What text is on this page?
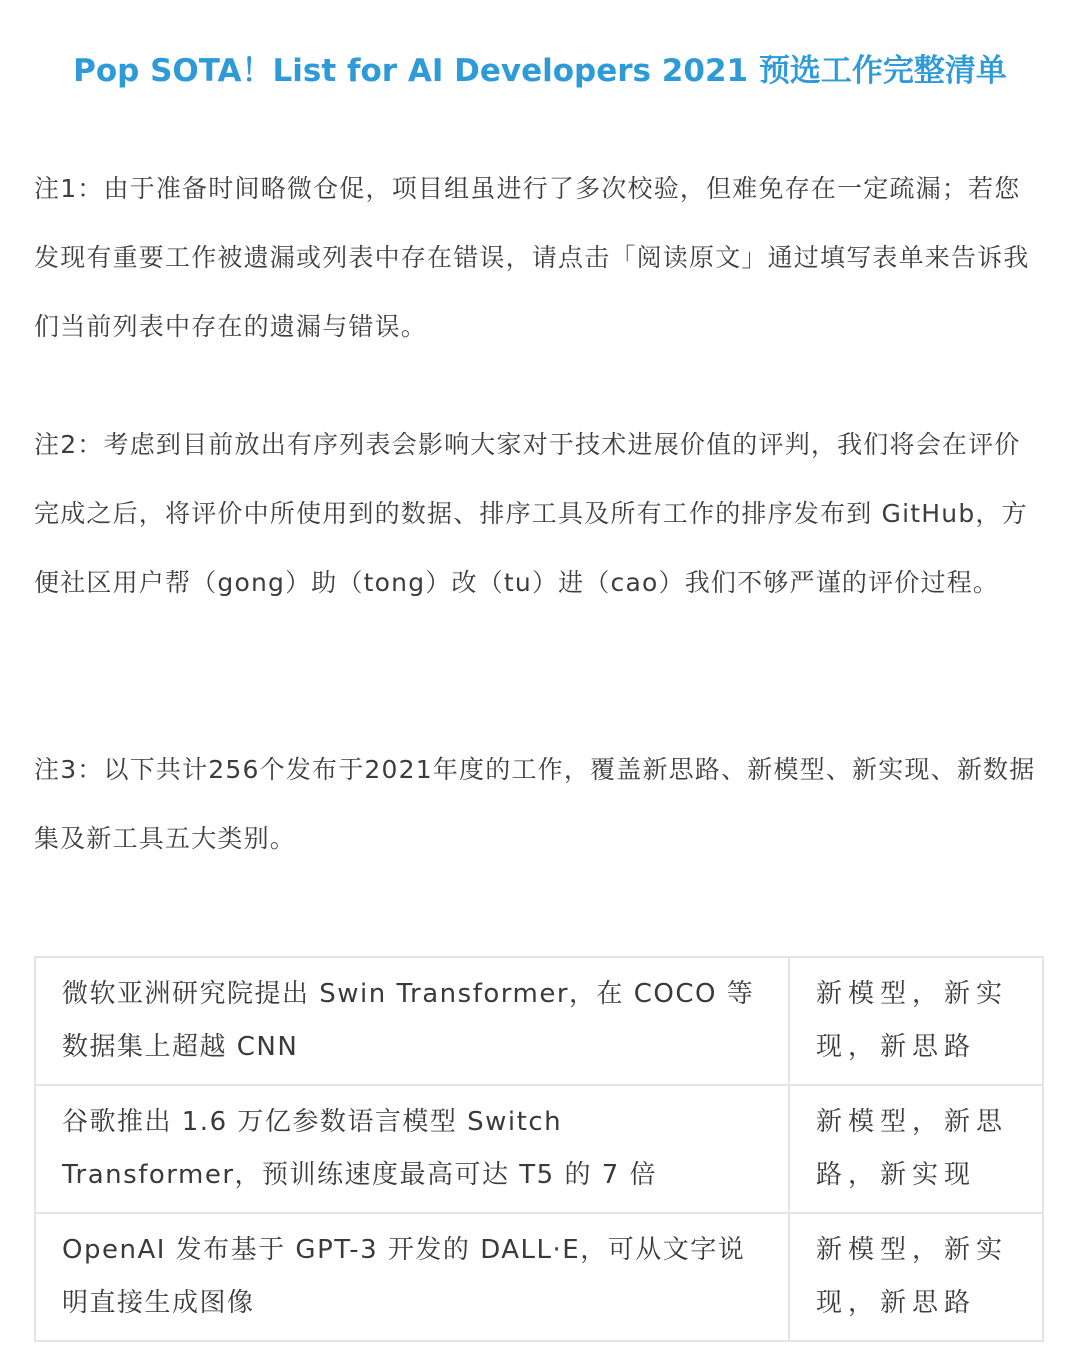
Pop SOTA！List for AI Developers 2021 预选工作完整清单
注1：由于准备时间略微仓促，项目组虽进行了多次校验，但难免存在一定疏漏；若您发现有重要工作被遗漏或列表中存在错误，请点击「阅读原文」通过填写表单来告诉我们当前列表中存在的遗漏与错误。
注2：考虑到目前放出有序列表会影响大家对于技术进展价值的评判，我们将会在评价完成之后，将评价中所使用到的数据、排序工具及所有工作的排序发布到 GitHub，方便社区用户帮（gong）助（tong）改（tu）进（cao）我们不够严谨的评价过程。
注3：以下共计256个发布于2021年度的工作，覆盖新思路、新模型、新实现、新数据集及新工具五大类别。
微软亚洲研究院提出 Swin Transformer，在 COCO 等数据集上超越 CNN	新模型，新实现，新思路
谷歌推出 1.6 万亿参数语言模型 Switch Transformer，预训练速度最高可达 T5 的 7 倍	新模型，新思路，新实现
OpenAI 发布基于 GPT-3 开发的 DALL·E，可从文字说明直接生成图像	新模型，新实现，新思路
